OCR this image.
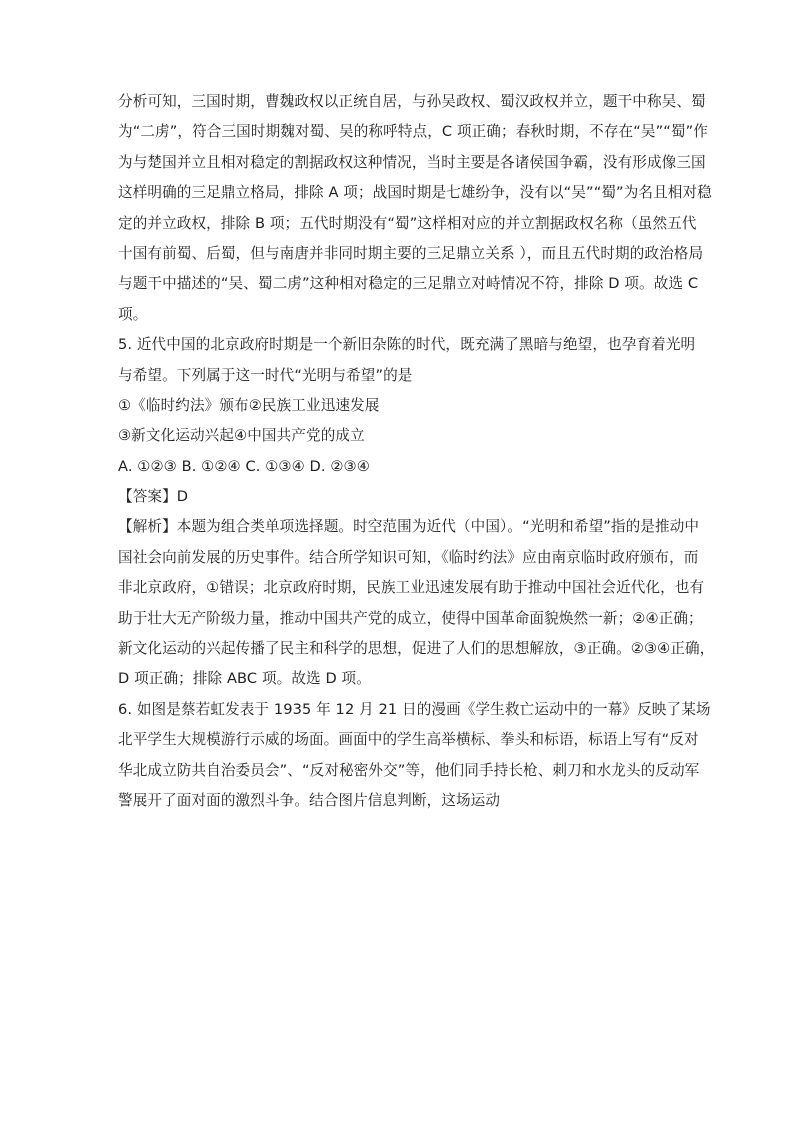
分析可知，三国时期，曹魏政权以正统自居，与孙吴政权、蜀汉政权并立，题干中称吴、蜀
为“二虏”，符合三国时期魏对蜀、吴的称呼特点，C 项正确；春秋时期，不存在“吴”“蜀”作
为与楚国并立且相对稳定的割据政权这种情况，当时主要是各诸侯国争霸，没有形成像三国
这样明确的三足鼎立格局，排除 A 项；战国时期是七雄纷争，没有以“吴”“蜀”为名且相对稳
定的并立政权，排除 B 项；五代时期没有“蜀”这样相对应的并立割据政权名称（虽然五代
十国有前蜀、后蜀，但与南唐并非同时期主要的三足鼎立关系 ），而且五代时期的政治格局
与题干中描述的“吴、蜀二虏”这种相对稳定的三足鼎立对峙情况不符，排除 D 项。故选 C
项。
5. 近代中国的北京政府时期是一个新旧杂陈的时代，既充满了黑暗与绝望，也孕育着光明
与希望。下列属于这一时代“光明与希望”的是
①《临时约法》颁布②民族工业迅速发展
③新文化运动兴起④中国共产党的成立
A. ①②③ B. ①②④ C. ①③④ D. ②③④
【答案】D
【解析】本题为组合类单项选择题。时空范围为近代（中国）。“光明和希望”指的是推动中
国社会向前发展的历史事件。结合所学知识可知，《临时约法》应由南京临时政府颁布，而
非北京政府，①错误；北京政府时期，民族工业迅速发展有助于推动中国社会近代化，也有
助于壮大无产阶级力量，推动中国共产党的成立，使得中国革命面貌焕然一新；②④正确；
新文化运动的兴起传播了民主和科学的思想，促进了人们的思想解放，③正确。②③④正确，
D 项正确；排除 ABC 项。故选 D 项。
6. 如图是蔡若虹发表于 1935 年 12 月 21 日的漫画《学生救亡运动中的一幕》反映了某场
北平学生大规模游行示威的场面。画面中的学生高举横标、拳头和标语，标语上写有“反对
华北成立防共自治委员会”、“反对秘密外交”等，他们同手持长枪、刺刀和水龙头的反动军
警展开了面对面的激烈斗争。结合图片信息判断，这场运动
